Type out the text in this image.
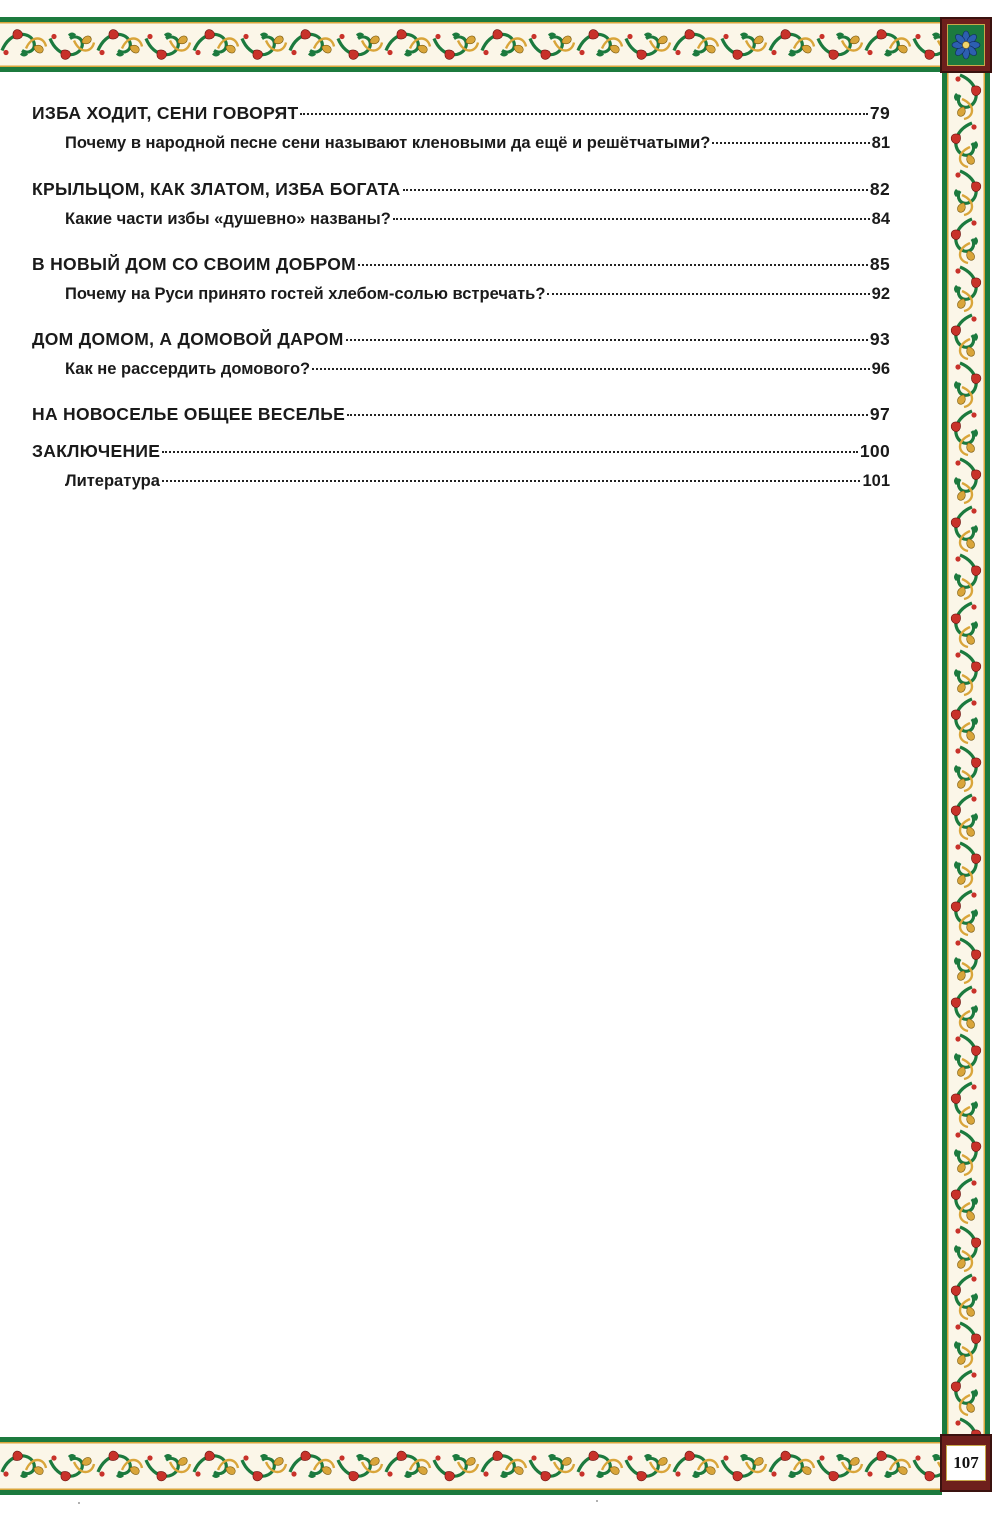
107
ИЗБА ХОДИТ, СЕНИ ГОВОРЯТ	79
Почему в народной песне сени называют кленовыми да ещё и решётчатыми?	81
КРЫЛЬЦОМ, КАК ЗЛАТОМ, ИЗБА БОГАТА	82
Какие части избы «душевно» названы?	84
В НОВЫЙ ДОМ СО СВОИМ ДОБРОМ	85
Почему на Руси принято гостей хлебом-солью встречать?	92
ДОМ ДОМОМ, А ДОМОВОЙ ДАРОМ	93
Как не рассердить домового?	96
НА НОВОСЕЛЬЕ ОБЩЕЕ ВЕСЕЛЬЕ	97
ЗАКЛЮЧЕНИЕ	100
Литература	101
